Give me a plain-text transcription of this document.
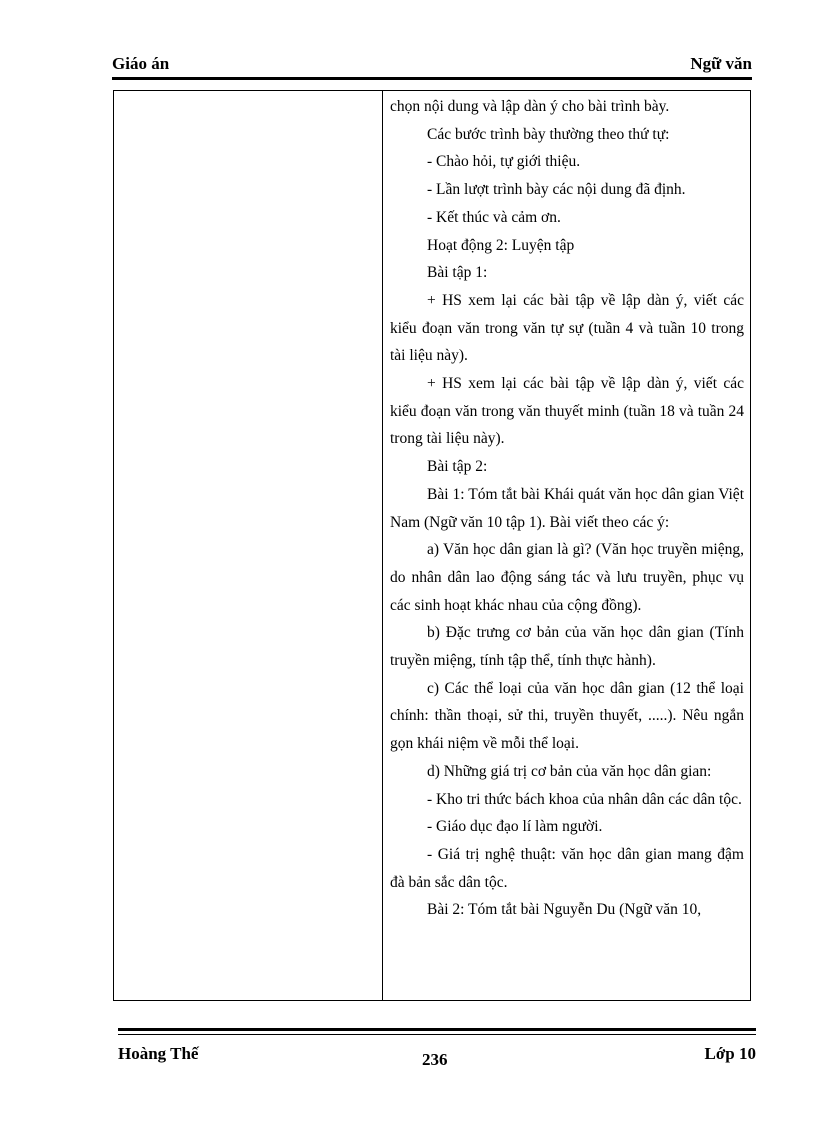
Giáo án	Ngữ văn

chọn nội dung và lập dàn ý cho bài trình bày.

Các bước trình bày thường theo thứ tự:

- Chào hỏi, tự giới thiệu.

- Lần lượt trình bày các nội dung đã định.

- Kết thúc và cảm ơn.

Hoạt động 2: Luyện tập

Bài tập 1:

+ HS xem lại các bài tập về lập dàn ý, viết các kiểu đoạn văn trong văn tự sự (tuần 4 và tuần 10 trong tài liệu này).

+ HS xem lại các bài tập về lập dàn ý, viết các kiểu đoạn văn trong văn thuyết minh (tuần 18 và tuần 24 trong tài liệu này).

Bài tập 2:

Bài 1: Tóm tắt bài Khái quát văn học dân gian Việt Nam (Ngữ văn 10 tập 1). Bài viết theo các ý:

a) Văn học dân gian là gì? (Văn học truyền miệng, do nhân dân lao động sáng tác và lưu truyền, phục vụ các sinh hoạt khác nhau của cộng đồng).

b) Đặc trưng cơ bản của văn học dân gian (Tính truyền miệng, tính tập thể, tính thực hành).

c) Các thể loại của văn học dân gian (12 thể loại chính: thần thoại, sử thi, truyền thuyết, .....). Nêu ngắn gọn khái niệm về mỗi thể loại.

d) Những giá trị cơ bản của văn học dân gian:

- Kho tri thức bách khoa của nhân dân các dân tộc.

- Giáo dục đạo lí làm người.

- Giá trị nghệ thuật: văn học dân gian mang đậm đà bản sắc dân tộc.

Bài 2: Tóm tắt bài Nguyễn Du (Ngữ văn 10,

Hoàng Thế	236	Lớp 10
